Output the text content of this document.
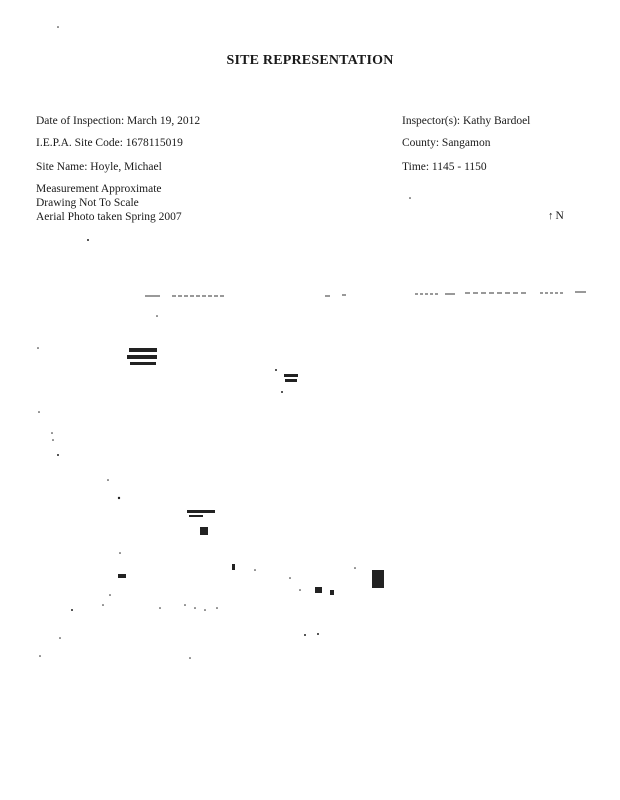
SITE REPRESENTATION
Date of Inspection: March 19, 2012
I.E.P.A. Site Code: 1678115019
Site Name: Hoyle, Michael
Measurement Approximate
Drawing Not To Scale
Aerial Photo taken Spring 2007
Inspector(s): Kathy Bardoel
County: Sangamon
Time: 1145 - 1150
↑ N
